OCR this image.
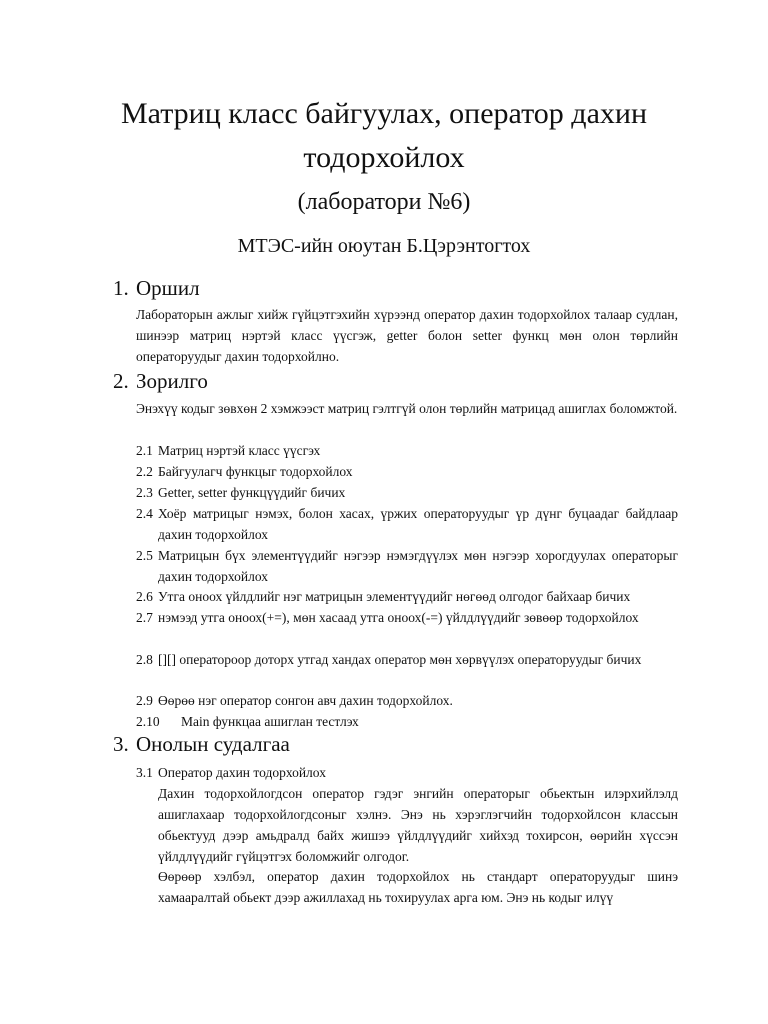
Матриц класс байгуулах, оператор дахин тодорхойлох

(лаборатори №6)

МТЭС-ийн оюутан Б.Цэрэнтогтох

1. Оршил

Лабораторын ажлыг хийж гүйцэтгэхийн хүрээнд оператор дахин тодорхойлох талаар судлан, шинээр матриц нэртэй класс үүсгэж, getter болон setter функц мөн олон төрлийн операторуудыг дахин тодорхойлно.

2. Зорилго

Энэхүү кодыг зөвхөн 2 хэмжээст матриц гэлтгүй олон төрлийн матрицад ашиглах боломжтой.

2.1 Матриц нэртэй класс үүсгэх
2.2 Байгуулагч функцыг тодорхойлох
2.3 Getter, setter функцүүдийг бичих
2.4 Хоёр матрицыг нэмэх, болон хасах, үржих операторуудыг үр дүнг буцаадаг байдлаар дахин тодорхойлох
2.5 Матрицын бүх элементүүдийг нэгээр нэмэгдүүлэх мөн нэгээр хорогдуулах операторыг дахин тодорхойлох
2.6 Утга оноох үйлдлийг нэг матрицын элементүүдийг нөгөөд олгодог байхаар бичих
2.7 нэмээд утга оноох(+=), мөн хасаад утга оноох(-=) үйлдлүүдийг зөвөөр тодорхойлох
2.8 [][] оператороор доторх утгад хандах оператор мөн хөрвүүлэх операторуудыг бичих
2.9 Өөрөө нэг оператор сонгон авч дахин тодорхойлох.
2.10	Main функцаа ашиглан тестлэх
3. Онолын судалгаа

3.1 Оператор дахин тодорхойлох

Дахин тодорхойлогдсон оператор гэдэг энгийн операторыг обьектын илэрхийлэлд ашиглахаар тодорхойлогдсоныг хэлнэ. Энэ нь хэрэглэгчийн тодорхойлсон классын обьектууд дээр амьдралд байх жишээ үйлдлүүдийг хийхэд тохирсон, өөрийн хүссэн үйлдлүүдийг гүйцэтгэх боломжийг олгодог.

Өөрөөр хэлбэл, оператор дахин тодорхойлох нь стандарт операторуудыг шинэ хамааралтай обьект дээр ажиллахад нь тохируулах арга юм. Энэ нь кодыг илүү
